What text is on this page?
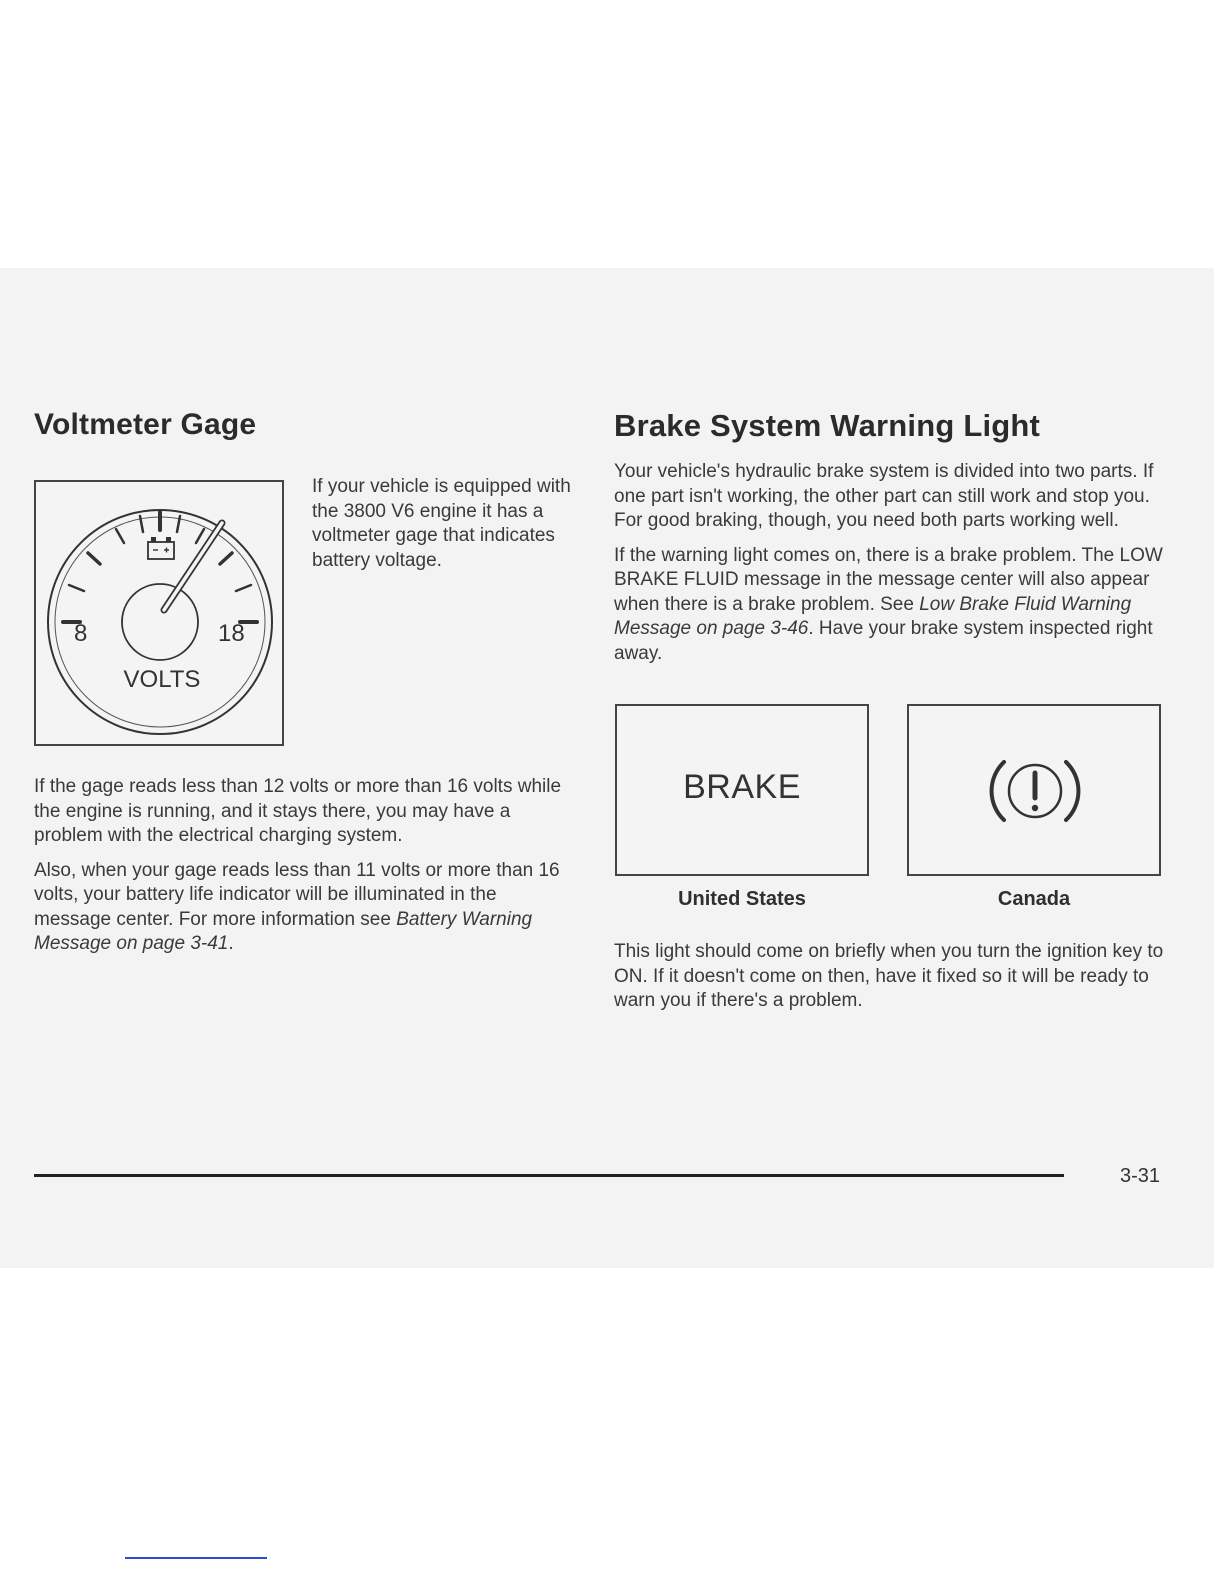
Voltmeter Gage
8	18
VOLTS

If your vehicle is equipped with the 3800 V6 engine it has a voltmeter gage that indicates battery voltage.

If the gage reads less than 12 volts or more than 16 volts while the engine is running, and it stays there, you may have a problem with the electrical charging system.

Also, when your gage reads less than 11 volts or more than 16 volts, your battery life indicator will be illuminated in the message center. For more information see Battery Warning Message on page 3-41.

Brake System Warning Light

Your vehicle's hydraulic brake system is divided into two parts. If one part isn't working, the other part can still work and stop you. For good braking, though, you need both parts working well.

If the warning light comes on, there is a brake problem. The LOW BRAKE FLUID message in the message center will also appear when there is a brake problem. See Low Brake Fluid Warning Message on page 3-46. Have your brake system inspected right away.

BRAKE
United States	Canada

This light should come on briefly when you turn the ignition key to ON. If it doesn't come on then, have it fixed so it will be ready to warn you if there's a problem.

3-31
